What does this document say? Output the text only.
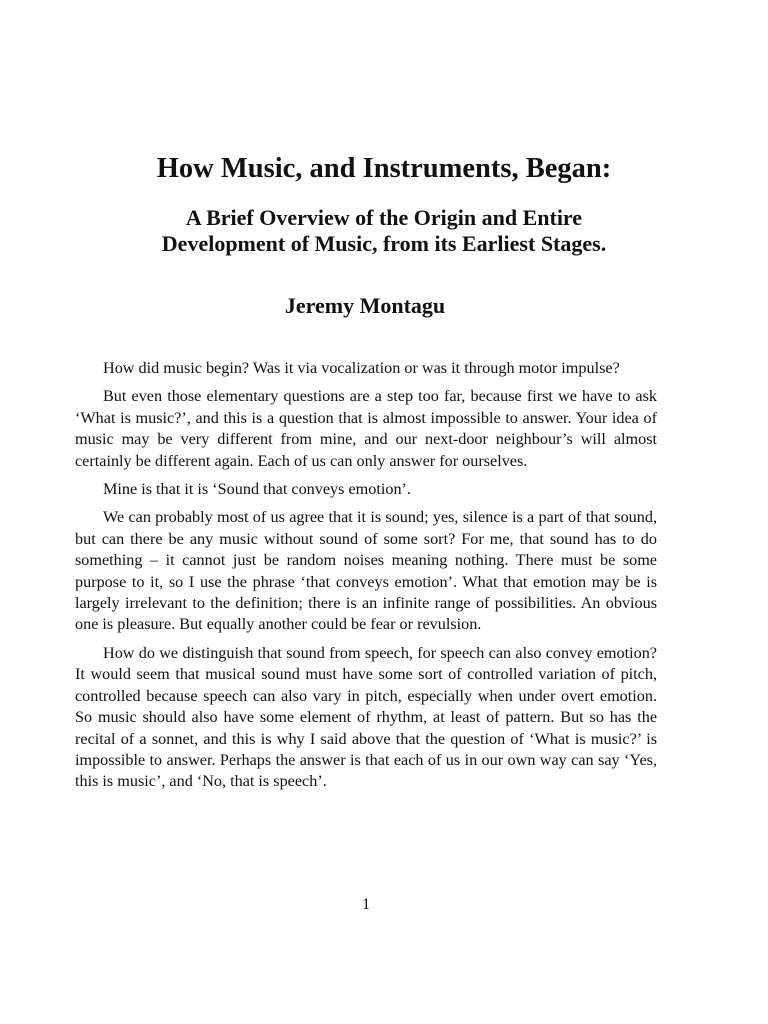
How Music, and Instruments, Began:
A Brief Overview of the Origin and Entire
Development of Music, from its Earliest Stages.
Jeremy Montagu

How did music begin? Was it via vocalization or was it through motor impulse?

But even those elementary questions are a step too far, because first we have to ask ‘What is music?’, and this is a question that is almost impossible to answer. Your idea of music may be very different from mine, and our next-door neighbour’s will almost certainly be different again. Each of us can only answer for ourselves.

Mine is that it is ‘Sound that conveys emotion’.

We can probably most of us agree that it is sound; yes, silence is a part of that sound, but can there be any music without sound of some sort? For me, that sound has to do something – it cannot just be random noises meaning nothing. There must be some purpose to it, so I use the phrase ‘that conveys emotion’. What that emotion may be is largely irrelevant to the definition; there is an infinite range of possibilities. An obvious one is pleasure. But equally another could be fear or revulsion.

How do we distinguish that sound from speech, for speech can also convey emotion? It would seem that musical sound must have some sort of controlled variation of pitch, controlled because speech can also vary in pitch, especially when under overt emotion. So music should also have some element of rhythm, at least of pattern. But so has the recital of a sonnet, and this is why I said above that the question of ‘What is music?’ is impossible to answer. Perhaps the answer is that each of us in our own way can say ‘Yes, this is music’, and ‘No, that is speech’.

1
